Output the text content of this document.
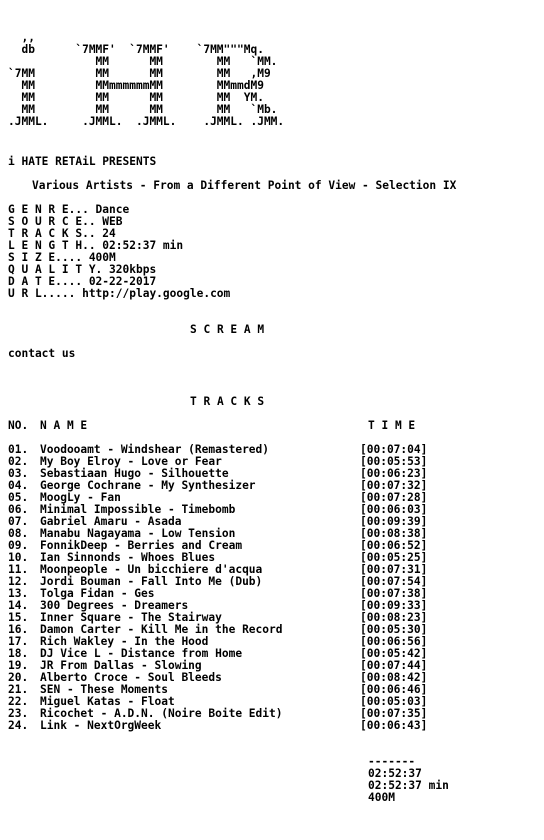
,,
db      `7MMF'  `7MMF'    `7MM"""Mq.
MM      MM        MM   `MM.
`7MM         MM      MM        MM   ,M9
MM         MMmmmmmmMM        MMmmdM9
MM         MM      MM        MM  YM.
MM         MM      MM        MM   `Mb.
.JMML.     .JMML.  .JMML.    .JMML. .JMM.
i HATE RETAiL PRESENTS
Various Artists - From a Different Point of View - Selection IX
G E N R E... Dance
S O U R C E.. WEB
T R A C K S.. 24
L E N G T H.. 02:52:37 min
S I Z E.... 400M
Q U A L I T Y. 320kbps
D A T E.... 02-22-2017
U R L..... http://play.google.com
S C R E A M
contact us
T R A C K S
NO. N A M E	T I M E
01. Voodooamt - Windshear (Remastered)	[00:07:04]
02. My Boy Elroy - Love or Fear	[00:05:53]
03. Sebastiaan Hugo - Silhouette	[00:06:23]
04. George Cochrane - My Synthesizer	[00:07:32]
05. MoogLy - Fan	[00:07:28]
06. Minimal Impossible - Timebomb	[00:06:03]
07. Gabriel Amaru - Asada	[00:09:39]
08. Manabu Nagayama - Low Tension	[00:08:38]
09. FonnikDeep - Berries and Cream	[00:06:52]
10. Ian Sinnonds - Whoes Blues	[00:05:25]
11. Moonpeople - Un bicchiere d'acqua	[00:07:31]
12. Jordi Bouman - Fall Into Me (Dub)	[00:07:54]
13. Tolga Fidan - Ges	[00:07:38]
14. 300 Degrees - Dreamers	[00:09:33]
15. Inner Square - The Stairway	[00:08:23]
16. Damon Carter - Kill Me in the Record	[00:05:30]
17. Rich Wakley - In the Hood	[00:06:56]
18. DJ Vice L - Distance from Home	[00:05:42]
19. JR From Dallas - Slowing	[00:07:44]
20. Alberto Croce - Soul Bleeds	[00:08:42]
21. SEN - These Moments	[00:06:46]
22. Miguel Katas - Float	[00:05:03]
23. Ricochet - A.D.N. (Noire Boite Edit)	[00:07:35]
24. Link - NextOrgWeek	[00:06:43]
-------
02:52:37
02:52:37 min
400M
